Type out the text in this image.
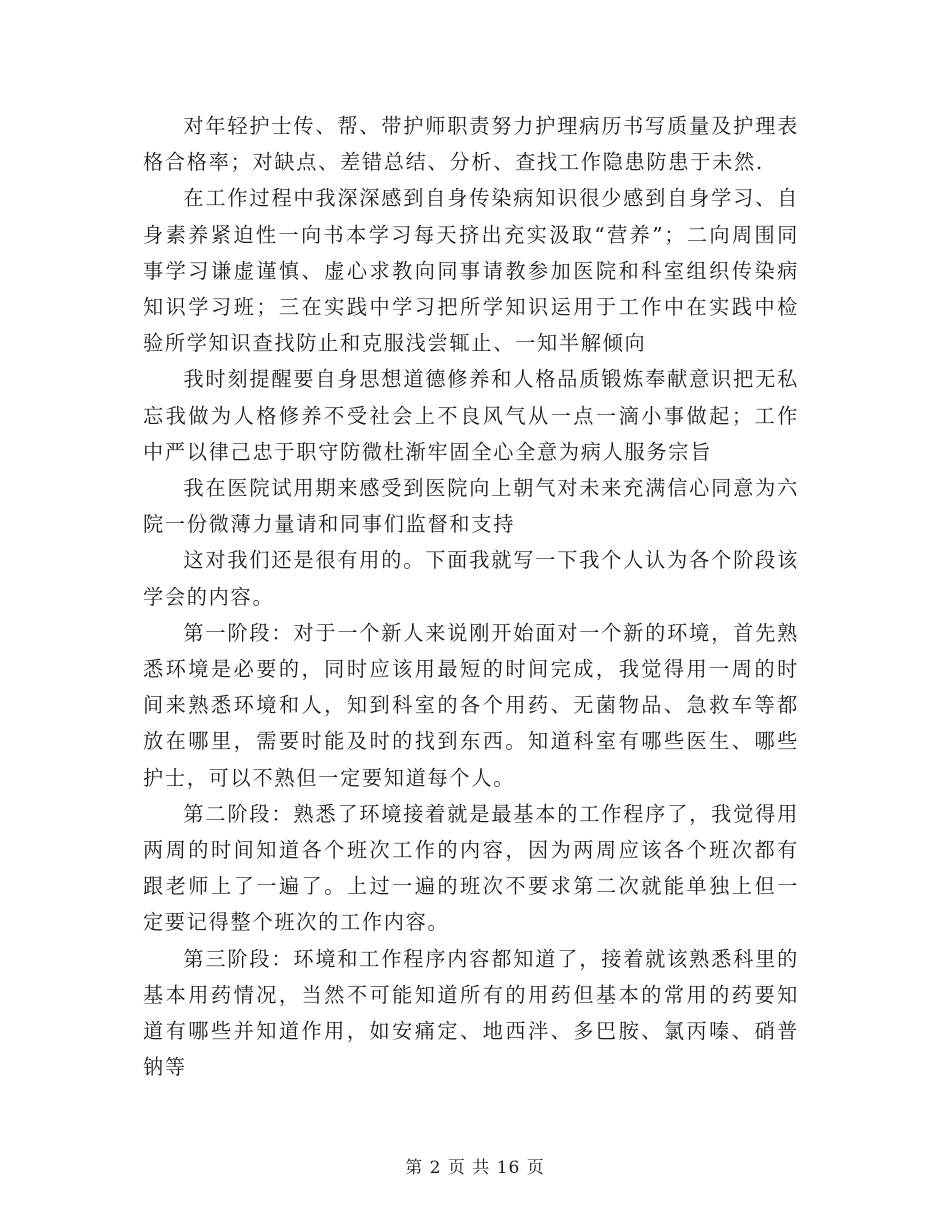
对年轻护士传、帮、带护师职责努力护理病历书写质量及护理表格合格率；对缺点、差错总结、分析、查找工作隐患防患于未然.

在工作过程中我深深感到自身传染病知识很少感到自身学习、自身素养紧迫性一向书本学习每天挤出充实汲取“营养”；二向周围同事学习谦虚谨慎、虚心求教向同事请教参加医院和科室组织传染病知识学习班；三在实践中学习把所学知识运用于工作中在实践中检验所学知识查找防止和克服浅尝辄止、一知半解倾向

我时刻提醒要自身思想道德修养和人格品质锻炼奉献意识把无私忘我做为人格修养不受社会上不良风气从一点一滴小事做起；工作中严以律己忠于职守防微杜渐牢固全心全意为病人服务宗旨

我在医院试用期来感受到医院向上朝气对未来充满信心同意为六院一份微薄力量请和同事们监督和支持

这对我们还是很有用的。下面我就写一下我个人认为各个阶段该学会的内容。

第一阶段：对于一个新人来说刚开始面对一个新的环境，首先熟悉环境是必要的，同时应该用最短的时间完成，我觉得用一周的时间来熟悉环境和人，知到科室的各个用药、无菌物品、急救车等都放在哪里，需要时能及时的找到东西。知道科室有哪些医生、哪些护士，可以不熟但一定要知道每个人。

第二阶段：熟悉了环境接着就是最基本的工作程序了，我觉得用两周的时间知道各个班次工作的内容，因为两周应该各个班次都有跟老师上了一遍了。上过一遍的班次不要求第二次就能单独上但一定要记得整个班次的工作内容。

第三阶段：环境和工作程序内容都知道了，接着就该熟悉科里的基本用药情况，当然不可能知道所有的用药但基本的常用的药要知道有哪些并知道作用，如安痛定、地西泮、多巴胺、氯丙嗪、硝普钠等

第 2 页 共 16 页
